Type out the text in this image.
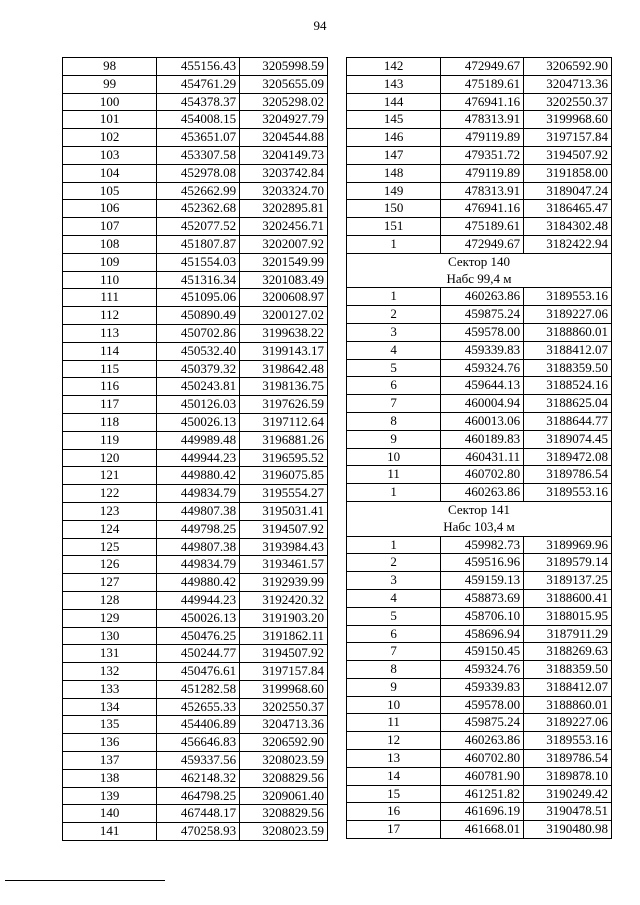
94
98	455156.43	3205998.59
99	454761.29	3205655.09
100	454378.37	3205298.02
101	454008.15	3204927.79
102	453651.07	3204544.88
103	453307.58	3204149.73
104	452978.08	3203742.84
105	452662.99	3203324.70
106	452362.68	3202895.81
107	452077.52	3202456.71
108	451807.87	3202007.92
109	451554.03	3201549.99
110	451316.34	3201083.49
111	451095.06	3200608.97
112	450890.49	3200127.02
113	450702.86	3199638.22
114	450532.40	3199143.17
115	450379.32	3198642.48
116	450243.81	3198136.75
117	450126.03	3197626.59
118	450026.13	3197112.64
119	449989.48	3196881.26
120	449944.23	3196595.52
121	449880.42	3196075.85
122	449834.79	3195554.27
123	449807.38	3195031.41
124	449798.25	3194507.92
125	449807.38	3193984.43
126	449834.79	3193461.57
127	449880.42	3192939.99
128	449944.23	3192420.32
129	450026.13	3191903.20
130	450476.25	3191862.11
131	450244.77	3194507.92
132	450476.61	3197157.84
133	451282.58	3199968.60
134	452655.33	3202550.37
135	454406.89	3204713.36
136	456646.83	3206592.90
137	459337.56	3208023.59
138	462148.32	3208829.56
139	464798.25	3209061.40
140	467448.17	3208829.56
141	470258.93	3208023.59
142	472949.67	3206592.90
143	475189.61	3204713.36
144	476941.16	3202550.37
145	478313.91	3199968.60
146	479119.89	3197157.84
147	479351.72	3194507.92
148	479119.89	3191858.00
149	478313.91	3189047.24
150	476941.16	3186465.47
151	475189.61	3184302.48
1	472949.67	3182422.94
Сектор 140		
Набс 99,4 м		
1	460263.86	3189553.16
2	459875.24	3189227.06
3	459578.00	3188860.01
4	459339.83	3188412.07
5	459324.76	3188359.50
6	459644.13	3188524.16
7	460004.94	3188625.04
8	460013.06	3188644.77
9	460189.83	3189074.45
10	460431.11	3189472.08
11	460702.80	3189786.54
1	460263.86	3189553.16
Сектор 141		
Набс 103,4 м		
1	459982.73	3189969.96
2	459516.96	3189579.14
3	459159.13	3189137.25
4	458873.69	3188600.41
5	458706.10	3188015.95
6	458696.94	3187911.29
7	459150.45	3188269.63
8	459324.76	3188359.50
9	459339.83	3188412.07
10	459578.00	3188860.01
11	459875.24	3189227.06
12	460263.86	3189553.16
13	460702.80	3189786.54
14	460781.90	3189878.10
15	461251.82	3190249.42
16	461696.19	3190478.51
17	461668.01	3190480.98
